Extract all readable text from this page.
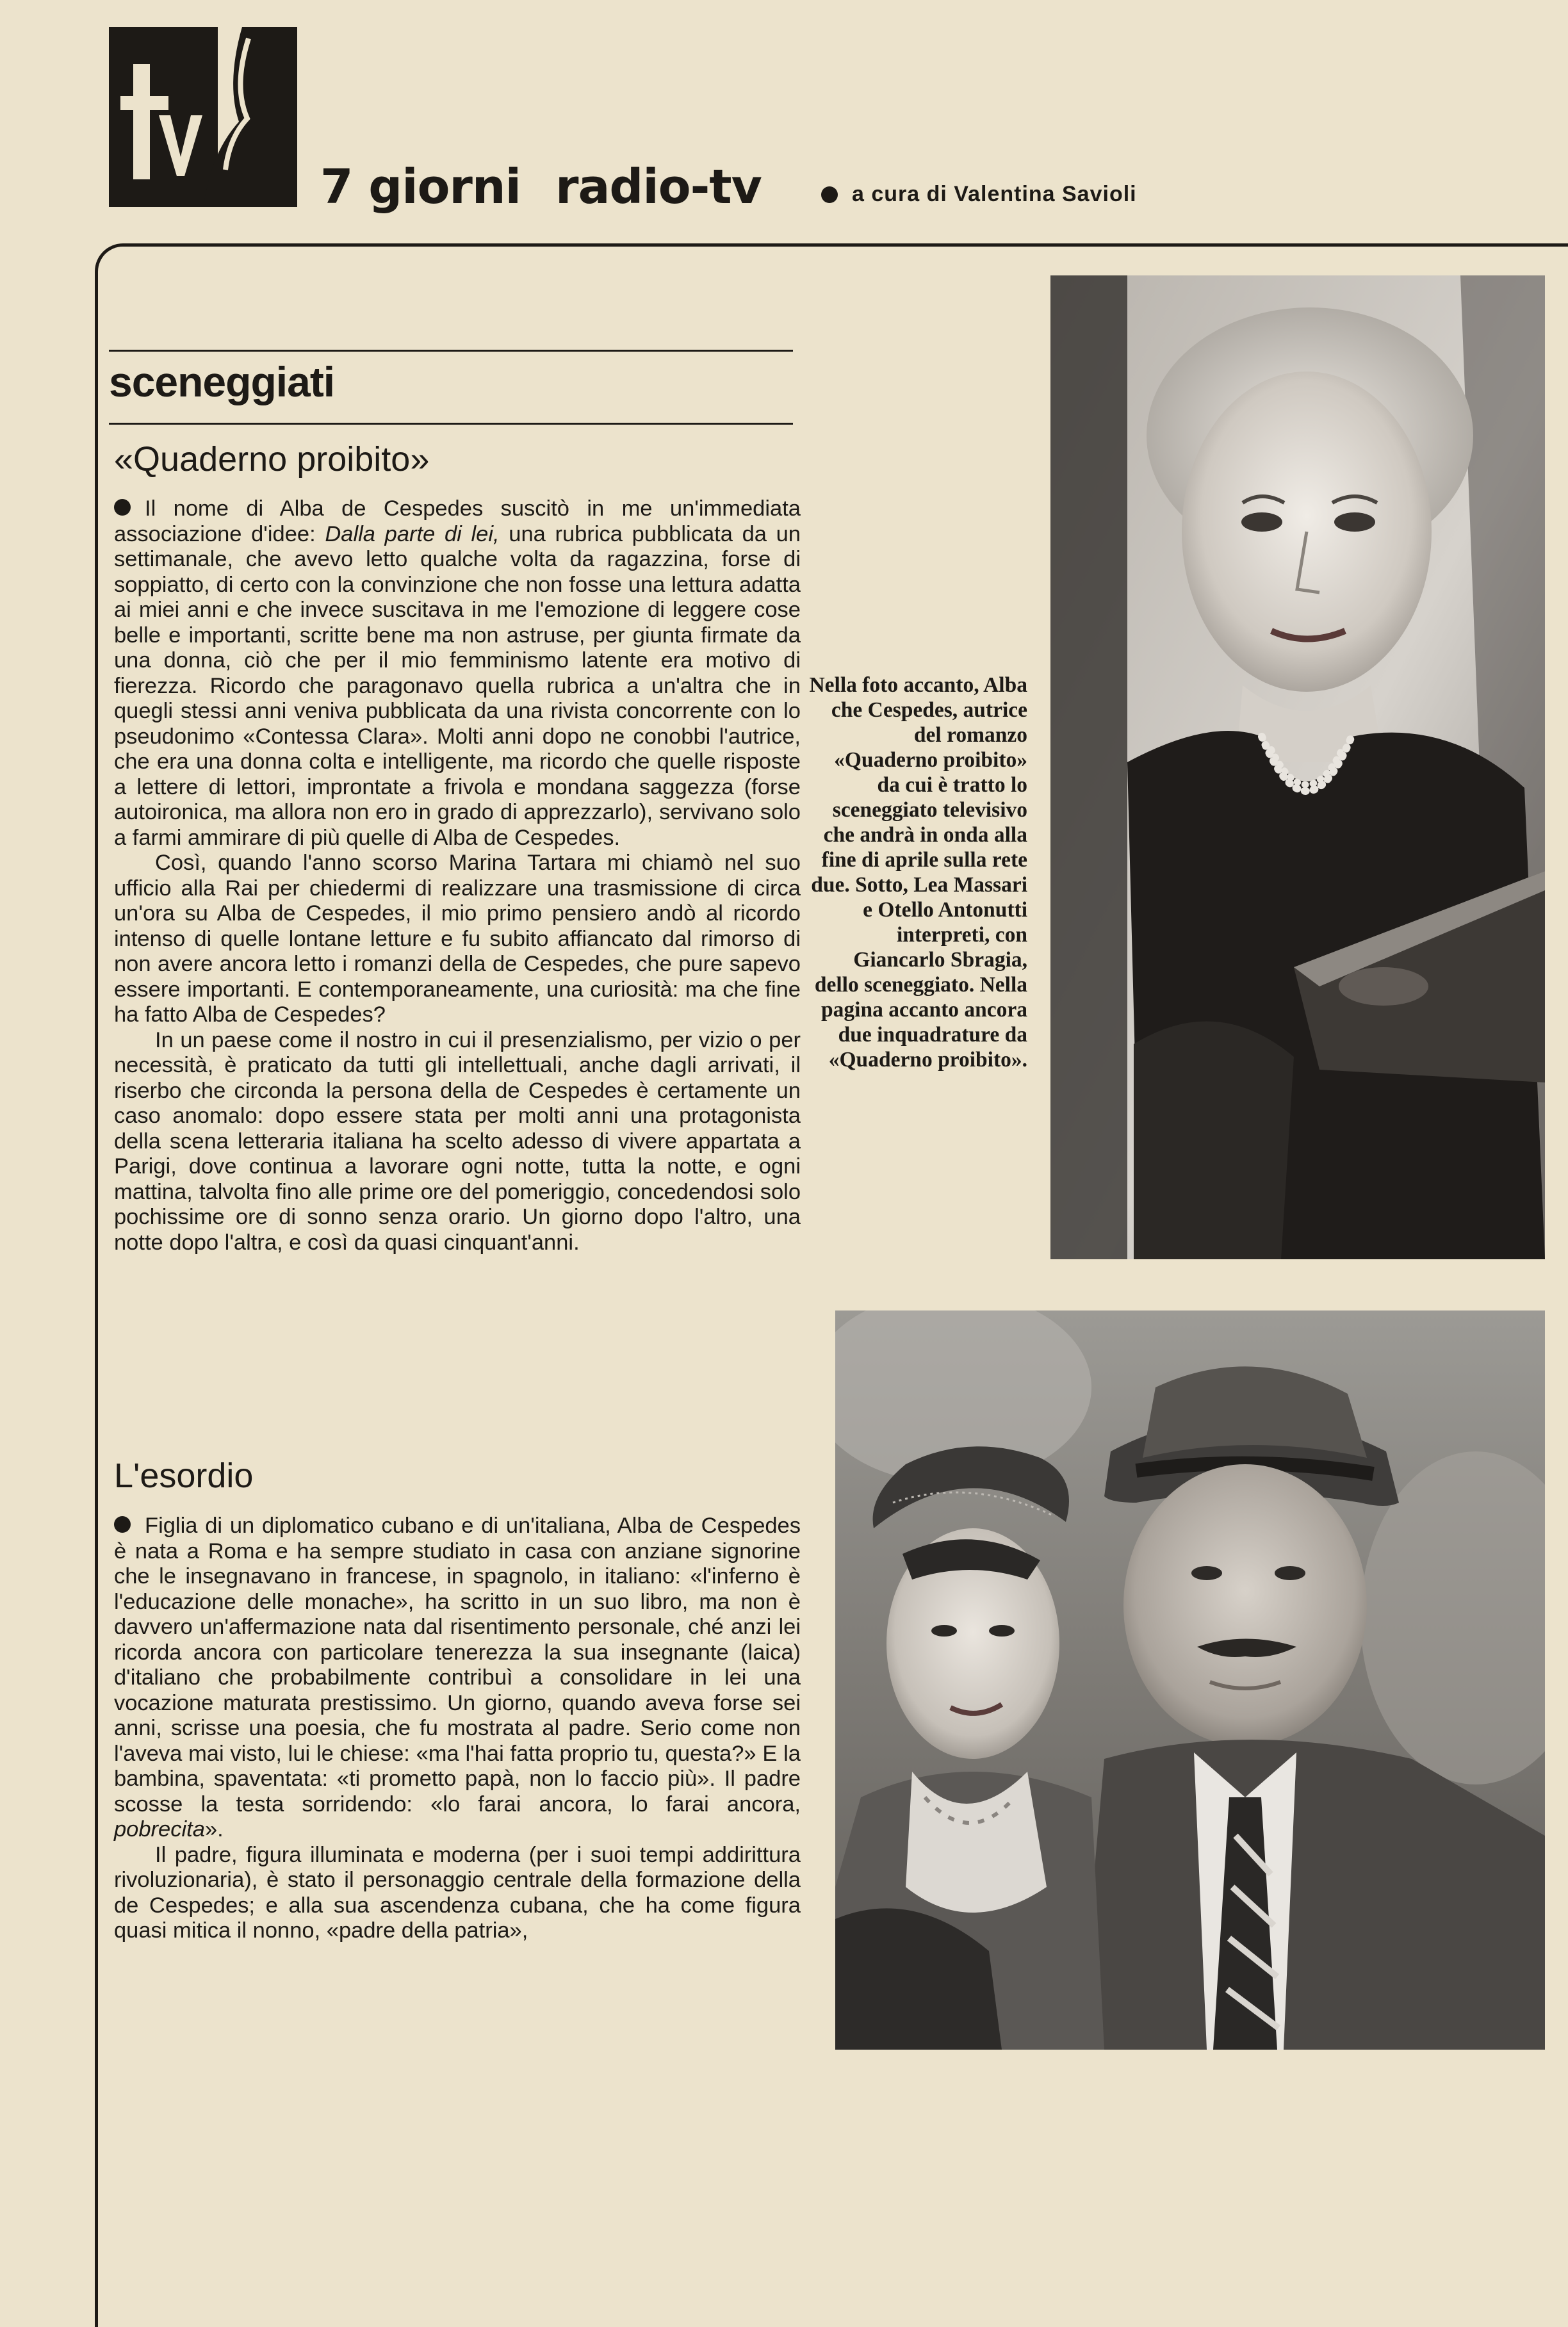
tv	7 giorni radio-tv	a cura di Valentina Savioli
sceneggiati
«Quaderno proibito»

Il nome di Alba de Cespedes suscitò in me un'immediata associazione d'idee: Dalla parte di lei, una rubrica pubblicata da un settimanale, che avevo letto qualche volta da ragazzina, forse di soppiatto, di certo con la convinzione che non fosse una lettura adatta ai miei anni e che invece suscitava in me l'emozione di leggere cose belle e importanti, scritte bene ma non astruse, per giunta firmate da una donna, ciò che per il mio femminismo latente era motivo di fierezza. Ricordo che paragonavo quella rubrica a un'altra che in quegli stessi anni veniva pubblicata da una rivista concorrente con lo pseudonimo «Contessa Clara». Molti anni dopo ne conobbi l'autrice, che era una donna colta e intelligente, ma ricordo che quelle risposte a lettere di lettori, improntate a frivola e mondana saggezza (forse autoironica, ma allora non ero in grado di apprezzarlo), servivano solo a farmi ammirare di più quelle di Alba de Cespedes.

Così, quando l'anno scorso Marina Tartara mi chiamò nel suo ufficio alla Rai per chiedermi di realizzare una trasmissione di circa un'ora su Alba de Cespedes, il mio primo pensiero andò al ricordo intenso di quelle lontane letture e fu subito affiancato dal rimorso di non avere ancora letto i romanzi della de Cespedes, che pure sapevo essere importanti. E contemporaneamente, una curiosità: ma che fine ha fatto Alba de Cespedes?

In un paese come il nostro in cui il presenzialismo, per vizio o per necessità, è praticato da tutti gli intellettuali, anche dagli arrivati, il riserbo che circonda la persona della de Cespedes è certamente un caso anomalo: dopo essere stata per molti anni una protagonista della scena letteraria italiana ha scelto adesso di vivere appartata a Parigi, dove continua a lavorare ogni notte, tutta la notte, e ogni mattina, talvolta fino alle prime ore del pomeriggio, concedendosi solo pochissime ore di sonno senza orario. Un giorno dopo l'altro, una notte dopo l'altra, e così da quasi cinquant'anni.

L'esordio

Figlia di un diplomatico cubano e di un'italiana, Alba de Cespedes è nata a Roma e ha sempre studiato in casa con anziane signorine che le insegnavano in francese, in spagnolo, in italiano: «l'inferno è l'educazione delle monache», ha scritto in un suo libro, ma non è davvero un'affermazione nata dal risentimento personale, ché anzi lei ricorda ancora con particolare tenerezza la sua insegnante (laica) d'italiano che probabilmente contribuì a consolidare in lei una vocazione maturata prestissimo. Un giorno, quando aveva forse sei anni, scrisse una poesia, che fu mostrata al padre. Serio come non l'aveva mai visto, lui le chiese: «ma l'hai fatta proprio tu, questa?» E la bambina, spaventata: «ti prometto papà, non lo faccio più». Il padre scosse la testa sorridendo: «lo farai ancora, lo farai ancora, pobrecita».

Il padre, figura illuminata e moderna (per i suoi tempi addirittura rivoluzionaria), è stato il personaggio centrale della formazione della de Cespedes; e alla sua ascendenza cubana, che ha come figura quasi mitica il nonno, «padre della patria»,

Nella foto accanto, Alba che Cespedes, autrice del romanzo «Quaderno proibito» da cui è tratto lo sceneggiato televisivo che andrà in onda alla fine di aprile sulla rete due. Sotto, Lea Massari e Otello Antonutti interpreti, con Giancarlo Sbragia, dello sceneggiato. Nella pagina accanto ancora due inquadrature da «Quaderno proibito».
